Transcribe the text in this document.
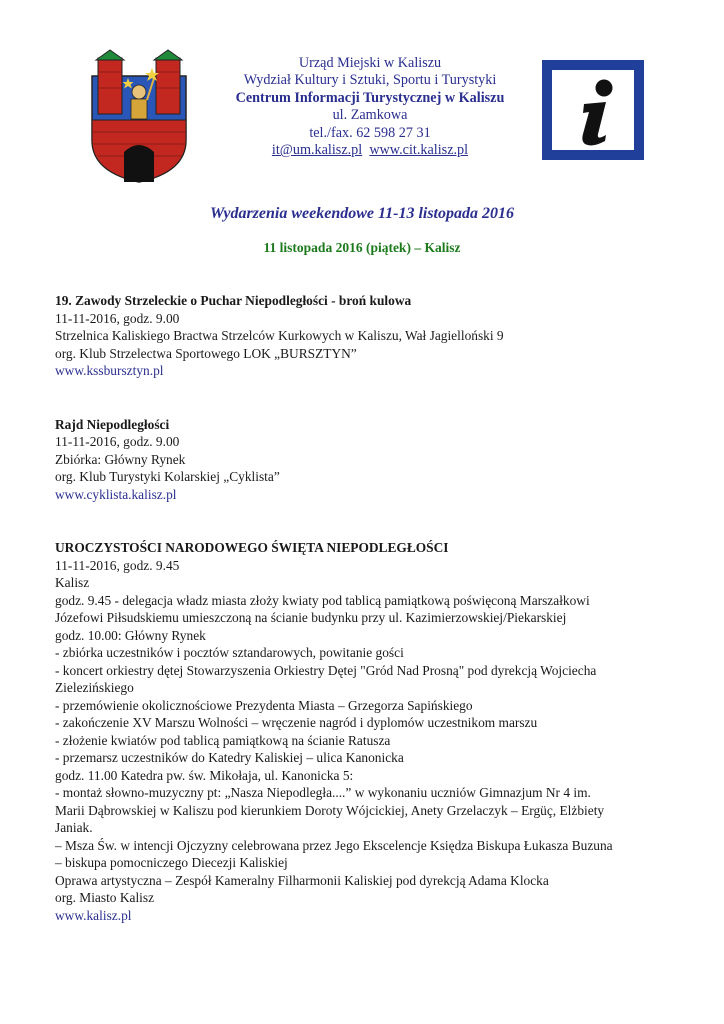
Urząd Miejski w Kaliszu
Wydział Kultury i Sztuki, Sportu i Turystyki
Centrum Informacji Turystycznej w Kaliszu
ul. Zamkowa
tel./fax. 62 598 27 31
it@um.kalisz.pl www.cit.kalisz.pl
Wydarzenia weekendowe 11-13 listopada 2016
11 listopada 2016 (piątek) – Kalisz
19. Zawody Strzeleckie o Puchar Niepodległości - broń kulowa
11-11-2016, godz. 9.00
Strzelnica Kaliskiego Bractwa Strzelców Kurkowych w Kaliszu, Wał Jagielloński 9
org. Klub Strzelectwa Sportowego LOK „BURSZTYN”
www.kssbursztyn.pl
Rajd Niepodległości
11-11-2016, godz. 9.00
Zbiórka: Główny Rynek
org. Klub Turystyki Kolarskiej „Cyklista”
www.cyklista.kalisz.pl
UROCZYSTOŚCI NARODOWEGO ŚWIĘTA NIEPODLEGŁOŚCI
11-11-2016, godz. 9.45
Kalisz
godz. 9.45 - delegacja władz miasta złoży kwiaty pod tablicą pamiątkową poświęconą Marszałkowi
Józefowi Piłsudskiemu umieszczoną na ścianie budynku przy ul. Kazimierzowskiej/Piekarskiej
godz. 10.00: Główny Rynek
- zbiórka uczestników i pocztów sztandarowych, powitanie gości
- koncert orkiestry dętej Stowarzyszenia Orkiestry Dętej "Gród Nad Prosną" pod dyrekcją Wojciecha
Zielezińskiego
- przemówienie okolicznościowe Prezydenta Miasta – Grzegorza Sapińskiego
- zakończenie XV Marszu Wolności – wręczenie nagród i dyplomów uczestnikom marszu
- złożenie kwiatów pod tablicą pamiątkową na ścianie Ratusza
- przemarsz uczestników do Katedry Kaliskiej – ulica Kanonicka
godz. 11.00 Katedra pw. św. Mikołaja, ul. Kanonicka 5:
- montaż słowno-muzyczny pt: „Nasza Niepodległa....” w wykonaniu uczniów Gimnazjum Nr 4 im.
Marii Dąbrowskiej w Kaliszu pod kierunkiem Doroty Wójcickiej, Anety Grzelaczyk – Ergüç, Elżbiety
Janiak.
– Msza Św. w intencji Ojczyzny celebrowana przez Jego Ekscelencje Księdza Biskupa Łukasza Buzuna
– biskupa pomocniczego Diecezji Kaliskiej
Oprawa artystyczna – Zespół Kameralny Filharmonii Kaliskiej pod dyrekcją Adama Klocka
org. Miasto Kalisz
www.kalisz.pl
